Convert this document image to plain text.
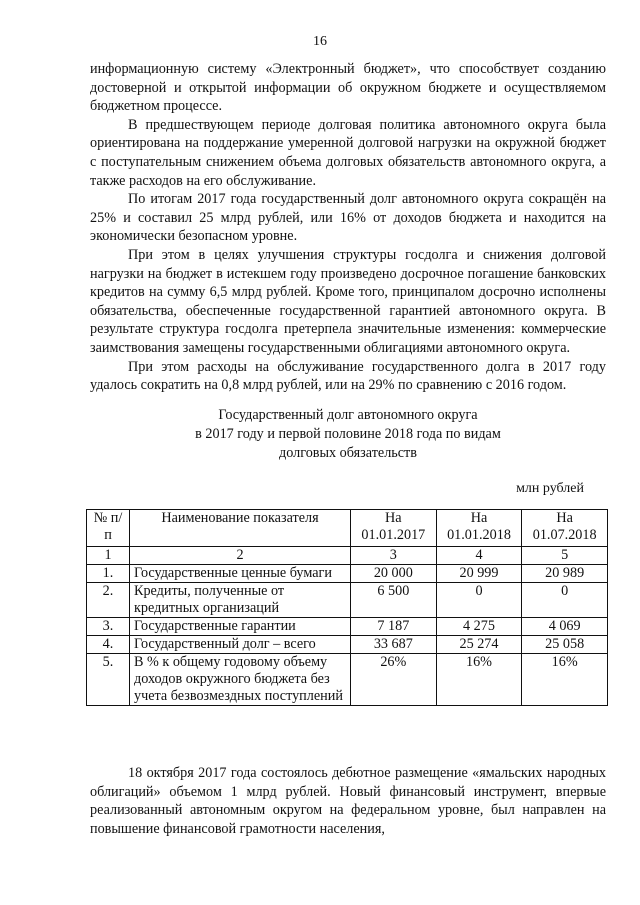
16

информационную систему «Электронный бюджет», что способствует созданию достоверной и открытой информации об окружном бюджете и осуществляемом бюджетном процессе.

В предшествующем периоде долговая политика автономного округа была ориентирована на поддержание умеренной долговой нагрузки на окружной бюджет с поступательным снижением объема долговых обязательств автономного округа, а также расходов на его обслуживание.

По итогам 2017 года государственный долг автономного округа сокращён на 25% и составил 25 млрд рублей, или 16% от доходов бюджета и находится на экономически безопасном уровне.

При этом в целях улучшения структуры госдолга и снижения долговой нагрузки на бюджет в истекшем году произведено досрочное погашение банковских кредитов на сумму 6,5 млрд рублей. Кроме того, принципалом досрочно исполнены обязательства, обеспеченные государственной гарантией автономного округа. В результате структура госдолга претерпела значительные изменения: коммерческие заимствования замещены государственными облигациями автономного округа.

При этом расходы на обслуживание государственного долга в 2017 году удалось сократить на 0,8 млрд рублей, или на 29% по сравнению с 2016 годом.

Государственный долг автономного округа
в 2017 году и первой половине 2018 года по видам
долговых обязательств
млн рублей
№ п/п	Наименование показателя	На 01.01.2017	На 01.01.2018	На 01.07.2018
1	2	3	4	5
1.	Государственные ценные бумаги	20 000	20 999	20 989
2.	Кредиты, полученные от кредитных организаций	6 500	0	0
3.	Государственные гарантии	7 187	4 275	4 069
4.	Государственный долг – всего	33 687	25 274	25 058
5.	В % к общему годовому объему доходов окружного бюджета без учета безвозмездных поступлений	26%	16%	16%

18 октября 2017 года состоялось дебютное размещение «ямальских народных облигаций» объемом 1 млрд рублей. Новый финансовый инструмент, впервые реализованный автономным округом на федеральном уровне, был направлен на повышение финансовой грамотности населения,
